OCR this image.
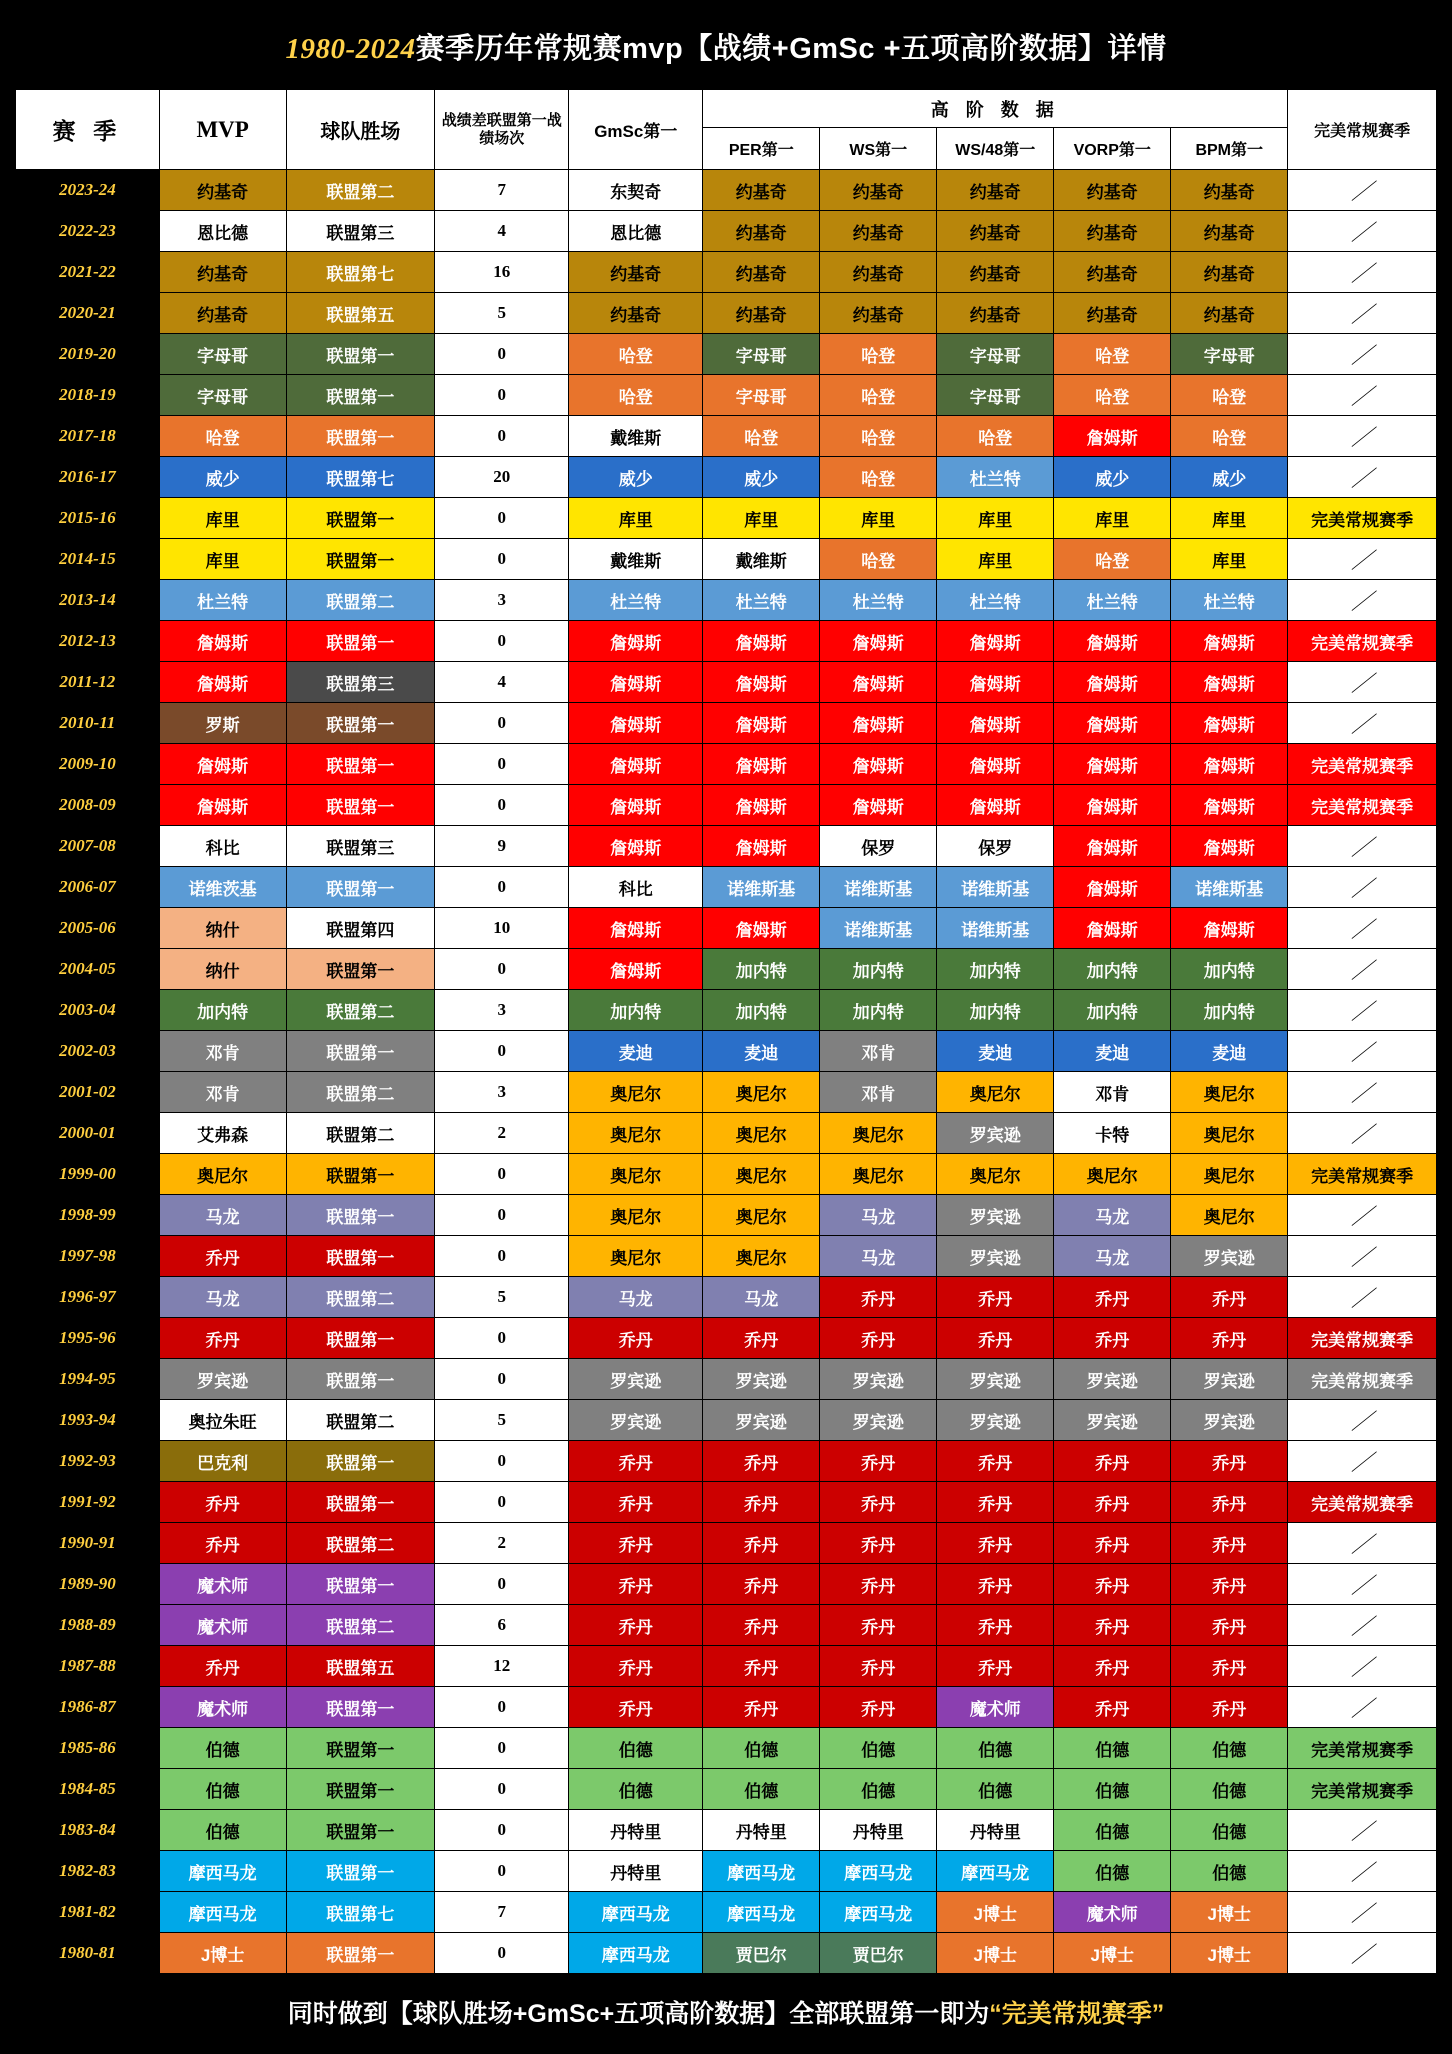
1980-2024赛季历年常规赛mvp【战绩+GmSc +五项高阶数据】详情
赛 季	MVP	球队胜场	战绩差联盟第一战绩场次	GmSc第一	高 阶 数 据					完美常规赛季
					PER第一	WS第一	WS/48第一	VORP第一	BPM第一	
2023-24	约基奇	联盟第二	7	东契奇	约基奇	约基奇	约基奇	约基奇	约基奇	／
2022-23	恩比德	联盟第三	4	恩比德	约基奇	约基奇	约基奇	约基奇	约基奇	／
2021-22	约基奇	联盟第七	16	约基奇	约基奇	约基奇	约基奇	约基奇	约基奇	／
2020-21	约基奇	联盟第五	5	约基奇	约基奇	约基奇	约基奇	约基奇	约基奇	／
2019-20	字母哥	联盟第一	0	哈登	字母哥	哈登	字母哥	哈登	字母哥	／
2018-19	字母哥	联盟第一	0	哈登	字母哥	哈登	字母哥	哈登	哈登	／
2017-18	哈登	联盟第一	0	戴维斯	哈登	哈登	哈登	詹姆斯	哈登	／
2016-17	威少	联盟第七	20	威少	威少	哈登	杜兰特	威少	威少	／
2015-16	库里	联盟第一	0	库里	库里	库里	库里	库里	库里	完美常规赛季
2014-15	库里	联盟第一	0	戴维斯	戴维斯	哈登	库里	哈登	库里	／
2013-14	杜兰特	联盟第二	3	杜兰特	杜兰特	杜兰特	杜兰特	杜兰特	杜兰特	／
2012-13	詹姆斯	联盟第一	0	詹姆斯	詹姆斯	詹姆斯	詹姆斯	詹姆斯	詹姆斯	完美常规赛季
2011-12	詹姆斯	联盟第三	4	詹姆斯	詹姆斯	詹姆斯	詹姆斯	詹姆斯	詹姆斯	／
2010-11	罗斯	联盟第一	0	詹姆斯	詹姆斯	詹姆斯	詹姆斯	詹姆斯	詹姆斯	／
2009-10	詹姆斯	联盟第一	0	詹姆斯	詹姆斯	詹姆斯	詹姆斯	詹姆斯	詹姆斯	完美常规赛季
2008-09	詹姆斯	联盟第一	0	詹姆斯	詹姆斯	詹姆斯	詹姆斯	詹姆斯	詹姆斯	完美常规赛季
2007-08	科比	联盟第三	9	詹姆斯	詹姆斯	保罗	保罗	詹姆斯	詹姆斯	／
2006-07	诺维茨基	联盟第一	0	科比	诺维斯基	诺维斯基	诺维斯基	詹姆斯	诺维斯基	／
2005-06	纳什	联盟第四	10	詹姆斯	詹姆斯	诺维斯基	诺维斯基	詹姆斯	詹姆斯	／
2004-05	纳什	联盟第一	0	詹姆斯	加内特	加内特	加内特	加内特	加内特	／
2003-04	加内特	联盟第二	3	加内特	加内特	加内特	加内特	加内特	加内特	／
2002-03	邓肯	联盟第一	0	麦迪	麦迪	邓肯	麦迪	麦迪	麦迪	／
2001-02	邓肯	联盟第二	3	奥尼尔	奥尼尔	邓肯	奥尼尔	邓肯	奥尼尔	／
2000-01	艾弗森	联盟第二	2	奥尼尔	奥尼尔	奥尼尔	罗宾逊	卡特	奥尼尔	／
1999-00	奥尼尔	联盟第一	0	奥尼尔	奥尼尔	奥尼尔	奥尼尔	奥尼尔	奥尼尔	完美常规赛季
1998-99	马龙	联盟第一	0	奥尼尔	奥尼尔	马龙	罗宾逊	马龙	奥尼尔	／
1997-98	乔丹	联盟第一	0	奥尼尔	奥尼尔	马龙	罗宾逊	马龙	罗宾逊	／
1996-97	马龙	联盟第二	5	马龙	马龙	乔丹	乔丹	乔丹	乔丹	／
1995-96	乔丹	联盟第一	0	乔丹	乔丹	乔丹	乔丹	乔丹	乔丹	完美常规赛季
1994-95	罗宾逊	联盟第一	0	罗宾逊	罗宾逊	罗宾逊	罗宾逊	罗宾逊	罗宾逊	完美常规赛季
1993-94	奥拉朱旺	联盟第二	5	罗宾逊	罗宾逊	罗宾逊	罗宾逊	罗宾逊	罗宾逊	／
1992-93	巴克利	联盟第一	0	乔丹	乔丹	乔丹	乔丹	乔丹	乔丹	／
1991-92	乔丹	联盟第一	0	乔丹	乔丹	乔丹	乔丹	乔丹	乔丹	完美常规赛季
1990-91	乔丹	联盟第二	2	乔丹	乔丹	乔丹	乔丹	乔丹	乔丹	／
1989-90	魔术师	联盟第一	0	乔丹	乔丹	乔丹	乔丹	乔丹	乔丹	／
1988-89	魔术师	联盟第二	6	乔丹	乔丹	乔丹	乔丹	乔丹	乔丹	／
1987-88	乔丹	联盟第五	12	乔丹	乔丹	乔丹	乔丹	乔丹	乔丹	／
1986-87	魔术师	联盟第一	0	乔丹	乔丹	乔丹	魔术师	乔丹	乔丹	／
1985-86	伯德	联盟第一	0	伯德	伯德	伯德	伯德	伯德	伯德	完美常规赛季
1984-85	伯德	联盟第一	0	伯德	伯德	伯德	伯德	伯德	伯德	完美常规赛季
1983-84	伯德	联盟第一	0	丹特里	丹特里	丹特里	丹特里	伯德	伯德	／
1982-83	摩西马龙	联盟第一	0	丹特里	摩西马龙	摩西马龙	摩西马龙	伯德	伯德	／
1981-82	摩西马龙	联盟第七	7	摩西马龙	摩西马龙	摩西马龙	J博士	魔术师	J博士	／
1980-81	J博士	联盟第一	0	摩西马龙	贾巴尔	贾巴尔	J博士	J博士	J博士	／
同时做到【球队胜场+GmSc+五项高阶数据】全部联盟第一即为“完美常规赛季”
